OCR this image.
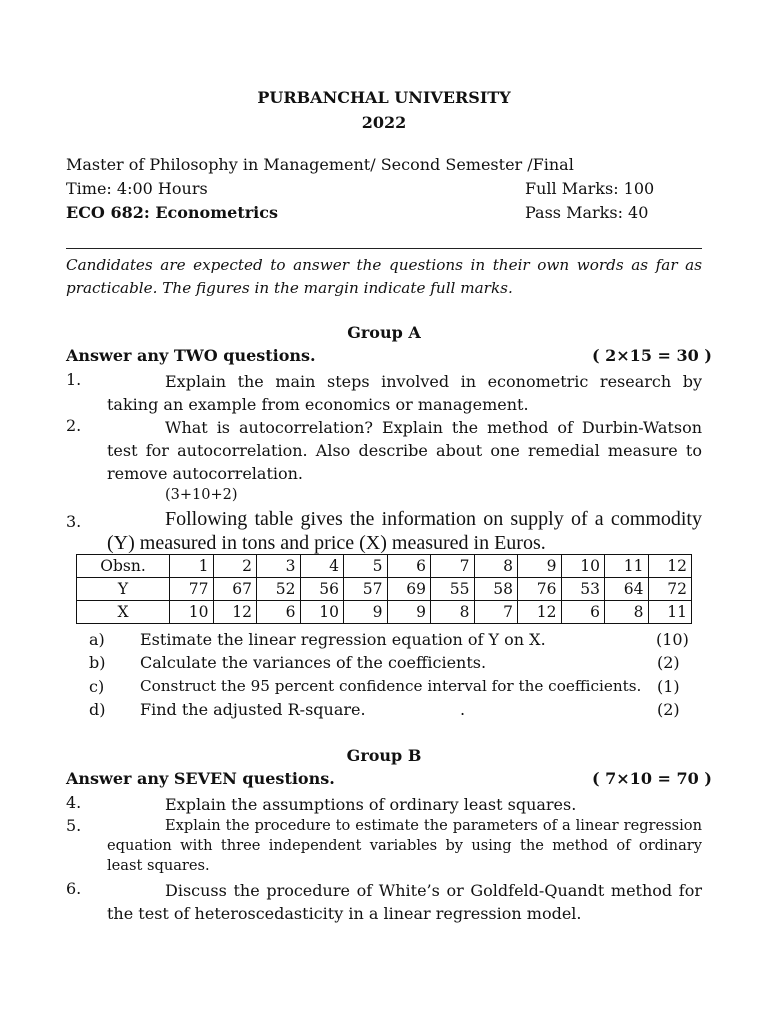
PURBANCHAL UNIVERSITY
2022
Master of Philosophy in Management/ Second Semester /Final
Time: 4:00 Hours	Full Marks: 100
ECO 682: Econometrics	Pass Marks: 40
Candidates are expected to answer the questions in their own words as far as practicable. The figures in the margin indicate full marks.
Group A
Answer any TWO questions.	( 2×15 = 30 )
1.	Explain the main steps involved in econometric research by taking an example from economics or management.
2.	What is autocorrelation? Explain the method of Durbin-Watson test for autocorrelation. Also describe about one remedial measure to remove autocorrelation.
(3+10+2)
3.	Following table gives the information on supply of a commodity (Y) measured in tons and price (X) measured in Euros.
Obsn.	1	2	3	4	5	6	7	8	9	10	11	12
Y	77	67	52	56	57	69	55	58	76	53	64	72
X	10	12	6	10	9	9	8	7	12	6	8	11
a) Estimate the linear regression equation of Y on X.	(10)
b) Calculate the variances of the coefficients.	(2)
c) Construct the 95 percent confidence interval for the coefficients. (1)
d) Find the adjusted R-square.	.	(2)
Group B
Answer any SEVEN questions.	( 7×10 = 70 )
4.	Explain the assumptions of ordinary least squares.
5.	Explain the procedure to estimate the parameters of a linear regression equation with three independent variables by using the method of ordinary least squares.
6.	Discuss the procedure of White’s or Goldfeld-Quandt method for the test of heteroscedasticity in a linear regression model.
